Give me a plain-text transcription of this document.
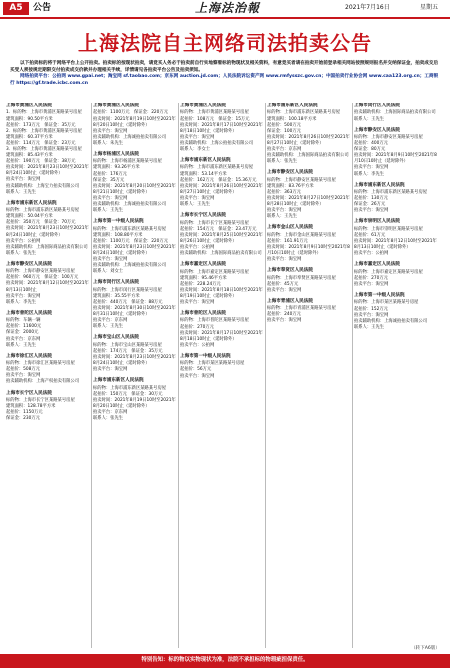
A5	公告	上海法治報	2021年7月16日	星期五
上海法院自主网络司法拍卖公告

以下拍卖标的将于网络平台上公开拍卖。拍卖标的按现状拍卖，请竞买人务必于拍卖前自行实地察看标的物现状及相关资料，有意竞买者请在拍卖开始前登录相关网站按照规则报名并交纳保证金，拍卖成交后买受人须按规定期限交付拍卖成交价款并办理相关手续，详情请见各拍卖平台公告及拍卖须知。

网络拍卖平台：公拍网 www.gpai.net；淘宝网 sf.taobao.com；京东网 auction.jd.com；人民法院诉讼资产网 www.rmfysszc.gov.cn；中国拍卖行业协会网 www.caa123.org.cn；工商银行 https://gf.trade.icbc.com.cn

上海市黄浦区人民法院

1．标的物：上海市黄浦区某路某号房屋

建筑面积：90.50平方米

起拍价：173万元　保证金：35万元

2．标的物：上海市黄浦区某路某号房屋

建筑面积：60.37平方米

起拍价：114万元　保证金：23万元

3．标的物：上海市黄浦区某路某号房屋

建筑面积：85.43平方米

起拍价：190万元　保证金：38万元

拍卖时间：2021年8月23日10时至2021年8月24日10时止（延时除外）

拍卖平台：淘宝网

拍卖辅助机构：上海宝力拍卖有限公司

联系人：王先生

上海市浦东新区人民法院

标的物：上海市浦东新区某路某号房屋

建筑面积：50.04平方米

起拍价：350万元　保证金：70万元

拍卖时间：2021年8月23日10时至2021年8月24日10时止（延时除外）

拍卖平台：公拍网

拍卖辅助机构：上海国际商品拍卖有限公司

联系人：张先生

上海市静安区人民法院

标的物：上海市静安区某路某号房屋

起拍价：960万元　保证金：100万元

拍卖时间：2021年8月12日10时至2021年8月13日10时止

拍卖平台：淘宝网

联系人：李先生

上海市普陀区人民法院

标的物：车辆一辆

起拍价：11600元

保证金：2000元

拍卖平台：京东网

联系人：王先生

上海市徐汇区人民法院

标的物：上海市徐汇区某路某号房屋

起拍价：508万元

拍卖平台：淘宝网

拍卖辅助机构：上海产权拍卖有限公司

上海市长宁区人民法院

标的物：上海市长宁区某路某号房屋

建筑面积：128.78平方米

起拍价：1150万元

保证金：230万元

上海市黄浦区人民法院

起拍价：1100万元　保证金：220万元

拍卖时间：2021年8月19日10时至2021年8月20日10时止（延时除外）

拍卖平台：淘宝网

拍卖辅助机构：上海诚拍拍卖有限公司

联系人：朱先生

上海市杨浦区人民法院

标的物：上海市杨浦区某路某号房屋

建筑面积：93.26平方米

起拍价：176万元

保证金：35万元

拍卖时间：2021年8月20日10时至2021年8月21日10时止（延时除外）

拍卖平台：淘宝网

拍卖辅助机构：上海诚拍拍卖有限公司

联系人：王先生

上海市第一中级人民法院

标的物：上海市浦东新区某路某号房屋

建筑面积：108.80平方米

起拍价：1100万元　保证金：220万元

拍卖时间：2021年8月23日10时至2021年8月24日10时止（延时除外）

拍卖平台：淘宝网

拍卖辅助机构：上海诚拍拍卖有限公司

联系人：刘女士

上海市闵行区人民法院

标的物：上海市闵行区某路某号房屋

建筑面积：35.55平方米

起拍价：440万元　保证金：88万元

拍卖时间：2021年8月30日10时至2021年8月31日10时止（延时除外）

拍卖平台：京东网

联系人：王先生

上海市宝山区人民法院

标的物：上海市宝山区某路某号房屋

起拍价：174万元　保证金：35万元

拍卖时间：2021年8月23日10时至2021年8月24日10时止（延时除外）

拍卖平台：淘宝网

上海市浦东新区人民法院

标的物：上海市浦东新区某路某号房屋

起拍价：150万元　保证金：30万元

拍卖时间：2021年8月19日10时至2021年8月20日10时止（延时除外）

拍卖平台：京东网

联系人：张先生

上海市黄浦区人民法院

标的物：上海市黄浦区某路某号房屋

起拍价：108万元　保证金：15万元

拍卖时间：2021年8月17日10时至2021年8月18日10时止（延时除外）

拍卖平台：淘宝网

拍卖辅助机构：上海公拍拍卖有限公司

联系人：李女士

上海市浦东新区人民法院

标的物：上海市浦东新区某路某号房屋

建筑面积：53.14平方米

起拍价：162万元　保证金：15.36万元

拍卖时间：2021年8月26日10时至2021年8月27日10时止（延时除外）

拍卖平台：淘宝网

联系人：王先生

上海市长宁区人民法院

标的物：上海市长宁区某路某号房屋

起拍价：154万元　保证金：23.47万元

拍卖时间：2021年8月25日10时至2021年8月26日10时止（延时除外）

拍卖平台：公拍网

拍卖辅助机构：上海国际商品拍卖有限公司

上海市嘉定区人民法院

标的物：上海市嘉定区某路某号房屋

建筑面积：95.46平方米

起拍价：228.24万元

拍卖时间：2021年8月18日10时至2021年8月19日10时止（延时除外）

拍卖平台：淘宝网

上海市普陀区人民法院

标的物：上海市普陀区某路某号房屋

起拍价：270万元

拍卖时间：2021年8月17日10时至2021年8月18日10时止（延时除外）

拍卖平台：公拍网

上海市第一中级人民法院

标的物：上海市某区某路某号房屋

起拍价：56万元

拍卖平台：淘宝网

上海市浦东新区人民法院

标的物：上海市浦东新区某路某号房屋

建筑面积：100.18平方米

起拍价：500万元

保证金：100万元

拍卖时间：2021年8月26日10时至2021年8月27日10时止（延时除外）

拍卖平台：京东网

拍卖辅助机构：上海国际商品拍卖有限公司

联系人：张先生

上海市静安区人民法院

标的物：上海市静安区某路某号房屋

建筑面积：83.76平方米

起拍价：363万元

拍卖时间：2021年8月27日10时至2021年8月28日10时止（延时除外）

拍卖平台：淘宝网

联系人：王先生

上海市金山区人民法院

标的物：上海市金山区某路某号房屋

起拍价：161.91万元

拍卖时间：2021年8月9日10时至2021年8月10日10时止（延时除外）

拍卖平台：淘宝网

上海市奉贤区人民法院

标的物：上海市奉贤区某路某号房屋

起拍价：45万元

拍卖平台：淘宝网

上海市青浦区人民法院

标的物：上海市青浦区某路某号房屋

起拍价：240万元

拍卖平台：淘宝网

上海市闵行区人民法院

拍卖辅助机构：上海国际商品拍卖有限公司

联系人：王先生

上海市静安区人民法院

标的物：上海市静安区某路某号房屋

起拍价：400万元

保证金：80万元

拍卖时间：2021年8月9日10时至2021年8月10日10时止（延时除外）

拍卖平台：淘宝网

联系人：李先生

上海市浦东新区人民法院

标的物：上海市浦东新区某路某号房屋

起拍价：130万元

保证金：26万元

拍卖平台：淘宝网

上海市崇明区人民法院

标的物：上海市崇明区某路某号房屋

起拍价：61万元

拍卖时间：2021年8月12日10时至2021年8月13日10时止（延时除外）

拍卖平台：公拍网

上海市嘉定区人民法院

标的物：上海市嘉定区某路某号房屋

起拍价：270万元

拍卖平台：淘宝网

上海市第一中级人民法院

标的物：上海市某区某路某号房屋

起拍价：152万元

拍卖平台：淘宝网

拍卖辅助机构：上海诚拍拍卖有限公司

联系人：王先生

（转下A6版）
特别告知：标的物以实物现状为准，法院不承担标的物瑕疵担保责任。
